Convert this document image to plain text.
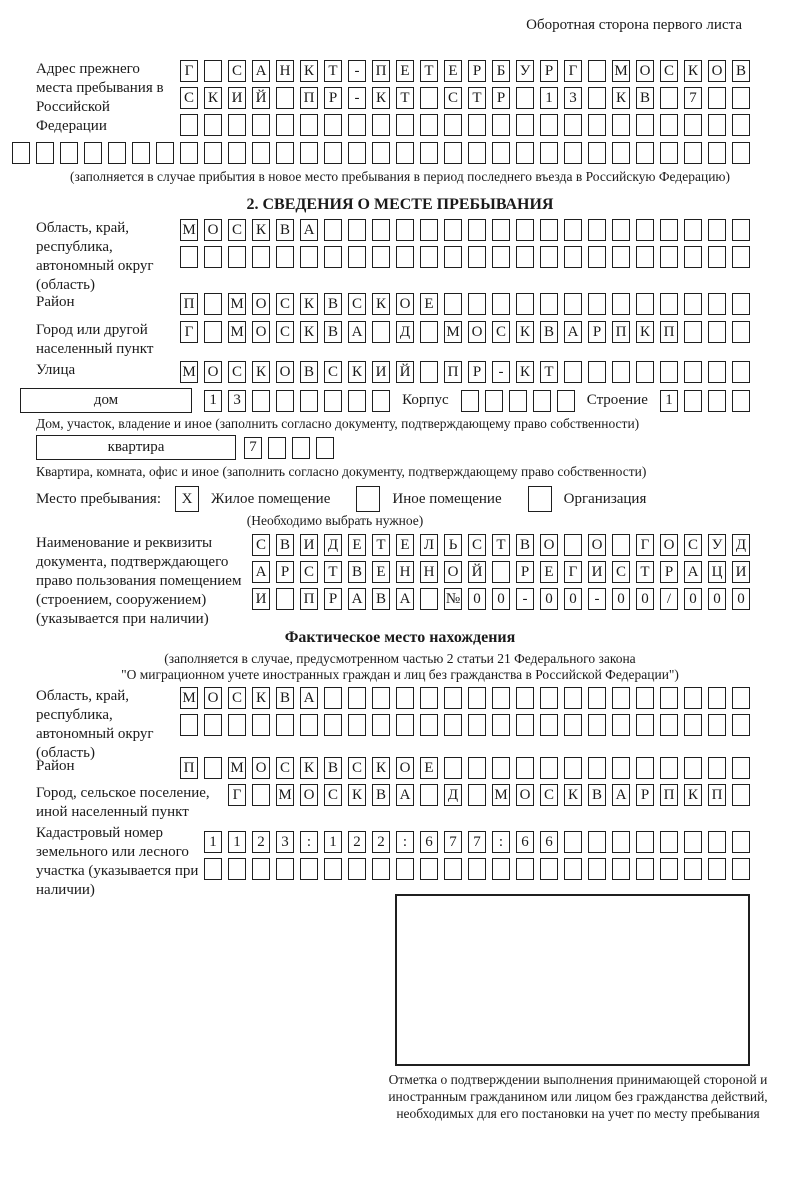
Оборотная сторона первого листа
Адрес прежнего места пребывания в Российской Федерации
Г	С А Н К Т	-	П Е Т Е	Р	Б У Р	Г	М О С К О В
С К И Й П Р	-	К Т	С Т	Р	1	3	К В	7
(заполняется в случае прибытия в новое место пребывания в период последнего въезда в Российскую Федерацию)
2. СВЕДЕНИЯ О МЕСТЕ ПРЕБЫВАНИЯ
Область, край, республика, автономный округ (область)
М О С К В А
Район	П М О С К В С К О Е
Город или другой населенный пункт
Г	М О С К В А Д М О С К В А Р П К П
Улица	М О С К О В С К И Й П Р	-	К Т
дом	1	3	Корпус	Строение	1
Дом, участок, владение и иное (заполнить согласно документу, подтверждающему право собственности)
квартира	7
Квартира, комната, офис и иное (заполнить согласно документу, подтверждающему право собственности)
Место пребывания:	X	Жилое помещение	Иное помещение	Организация
(Необходимо выбрать нужное)
Наименование и реквизиты документа, подтверждающего право пользования помещением (строением, сооружением) (указывается при наличии)
С В И Д Е Т Е Л Ь С Т В О О	Г О С У Д
А Р С Т В Е Н Н О Й	Р	Е	Г И С Т	Р А Ц И
И П Р А В А № 0	0	-	0	0	-	0	0	/	0	0	0
Фактическое место нахождения
(заполняется в случае, предусмотренном частью 2 статьи 21 Федерального закона
"О миграционном учете иностранных граждан и лиц без гражданства в Российской Федерации")
Область, край, республика, автономный округ (область)
М О С К В А
Район	П М О С К В С К О Е
Город, сельское поселение, иной населенный пункт
Г	М О С К В А Д М О С К В А Р П К П
Кадастровый номер земельного или лесного участка (указывается при наличии)
1	1	2	3	:	1	2	2	:	6	7	7	:	6	6
Отметка о подтверждении выполнения принимающей стороной и иностранным гражданином или лицом без гражданства действий, необходимых для его постановки на учет по месту пребывания
